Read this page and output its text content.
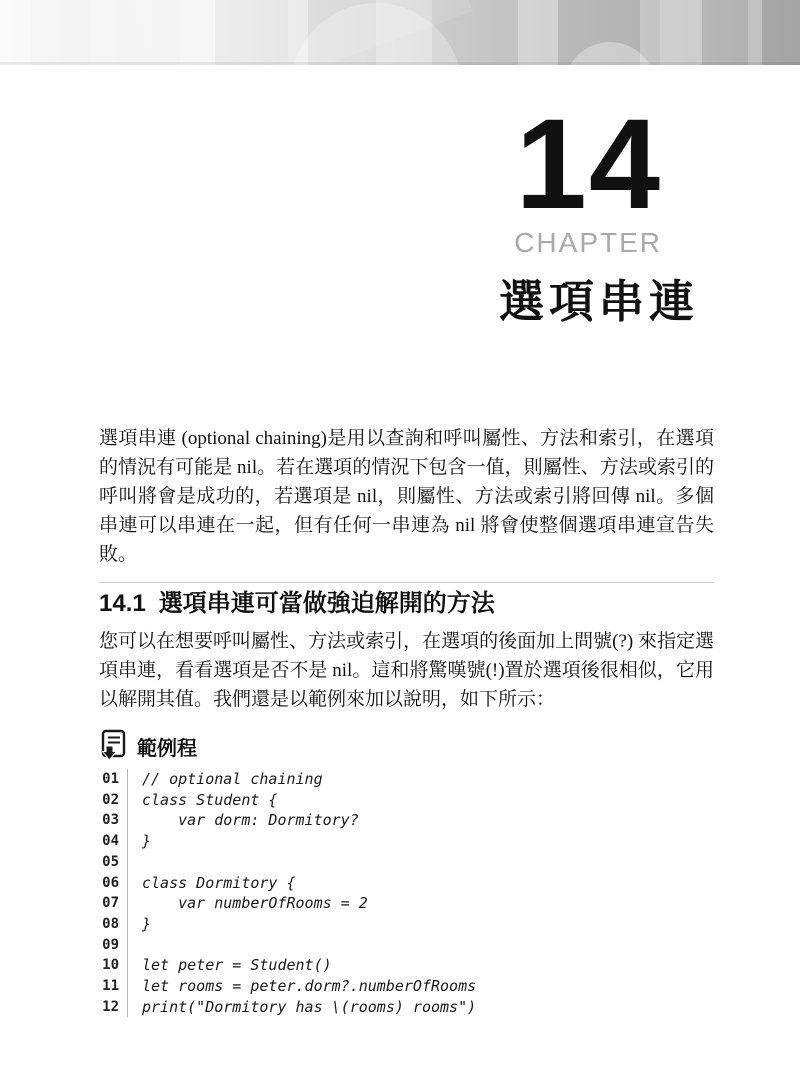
14
CHAPTER
選項串連

選項串連 (optional chaining)是用以查詢和呼叫屬性、方法和索引，在選項的情況有可能是 nil。若在選項的情況下包含一值，則屬性、方法或索引的呼叫將會是成功的，若選項是 nil，則屬性、方法或索引將回傳 nil。多個串連可以串連在一起，但有任何一串連為 nil 將會使整個選項串連宣告失敗。

14.1 選項串連可當做強迫解開的方法

您可以在想要呼叫屬性、方法或索引，在選項的後面加上問號(?) 來指定選項串連，看看選項是否不是 nil。這和將驚嘆號(!)置於選項後很相似，它用以解開其值。我們還是以範例來加以說明，如下所示：

範例程
01	// optional chaining
02	class Student {
03	var dorm: Dormitory?
04	}
05
06	class Dormitory {
07	var numberOfRooms = 2
08	}
09
10	let peter = Student()
11	let rooms = peter.dorm?.numberOfRooms
12	print("Dormitory has \(rooms) rooms")
